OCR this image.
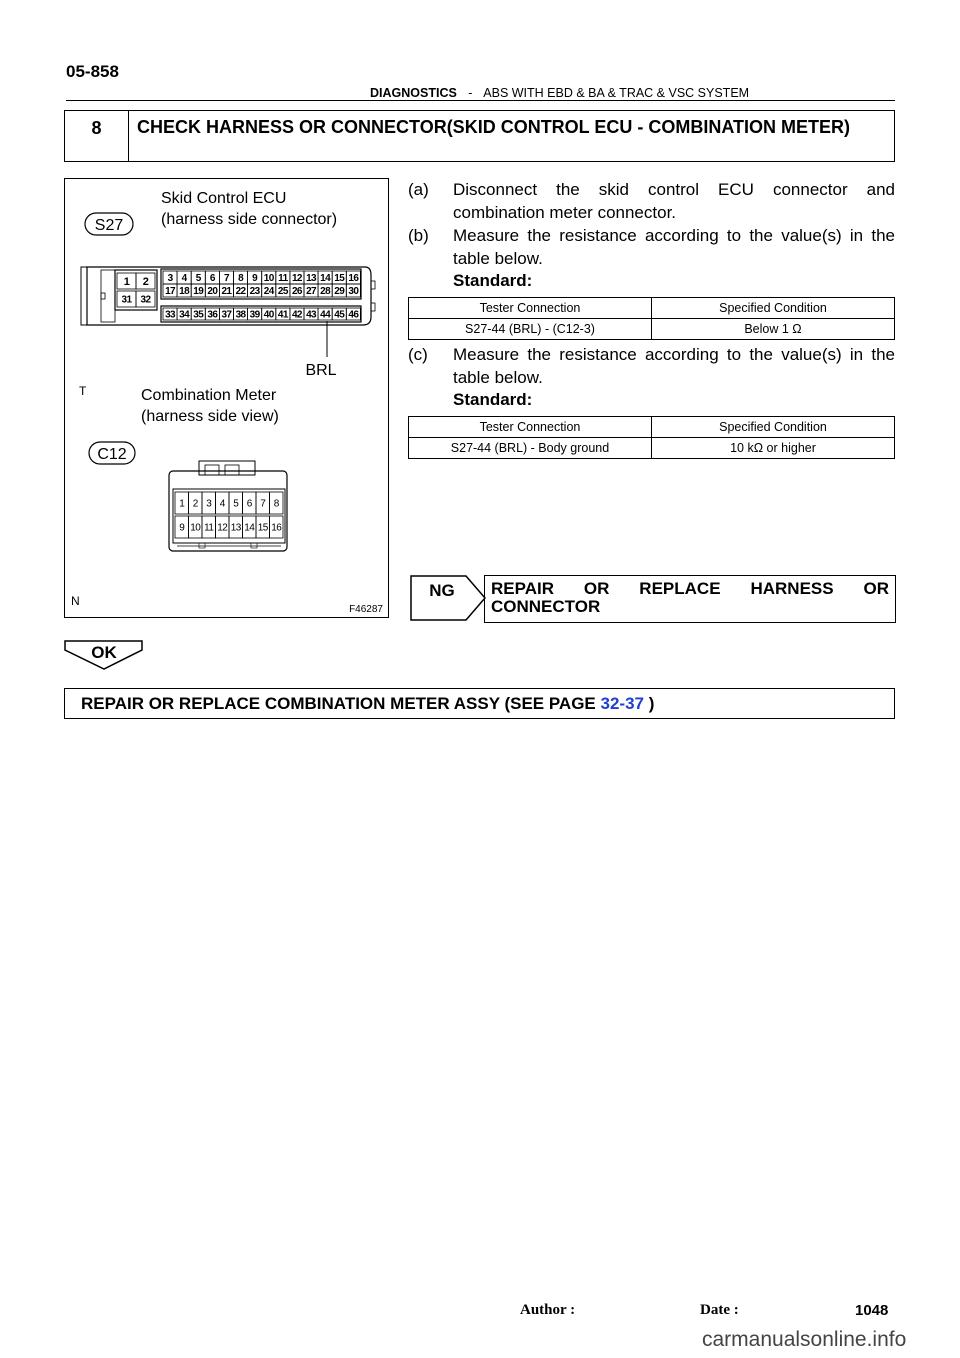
05-858
DIAGNOSTICS - ABS WITH EBD & BA & TRAC & VSC SYSTEM
8	CHECK HARNESS OR CONNECTOR(SKID CONTROL ECU - COMBINATION METER)
Skid Control ECU
(harness side connector)
S27
1 2
31 32
3 4 5 6 7 8 9 10 11 12 13 14 15 16
17 18 19 20 21 22 23 24 25 26 27 28 29 30
33 34 35 36 37 38 39 40 41 42 43 44 45 46
BRL
T	Combination Meter
(harness side view)
C12
1 2 3 4 5 6 7 8
9 10 11 12 13 14 15 16
N
F46287
(a) Disconnect the skid control ECU connector and combination meter connector.
(b) Measure the resistance according to the value(s) in the table below.
Standard:
Tester Connection	Specified Condition
S27-44 (BRL) - (C12-3)	Below 1 Ω
(c) Measure the resistance according to the value(s) in the table below.
Standard:
Tester Connection	Specified Condition
S27-44 (BRL) - Body ground	10 kΩ or higher
NG REPAIR OR REPLACE HARNESS OR CONNECTOR
OK
REPAIR OR REPLACE COMBINATION METER ASSY (SEE PAGE 32-37 )
Author :	Date :	1048
carmanualsonline.info
